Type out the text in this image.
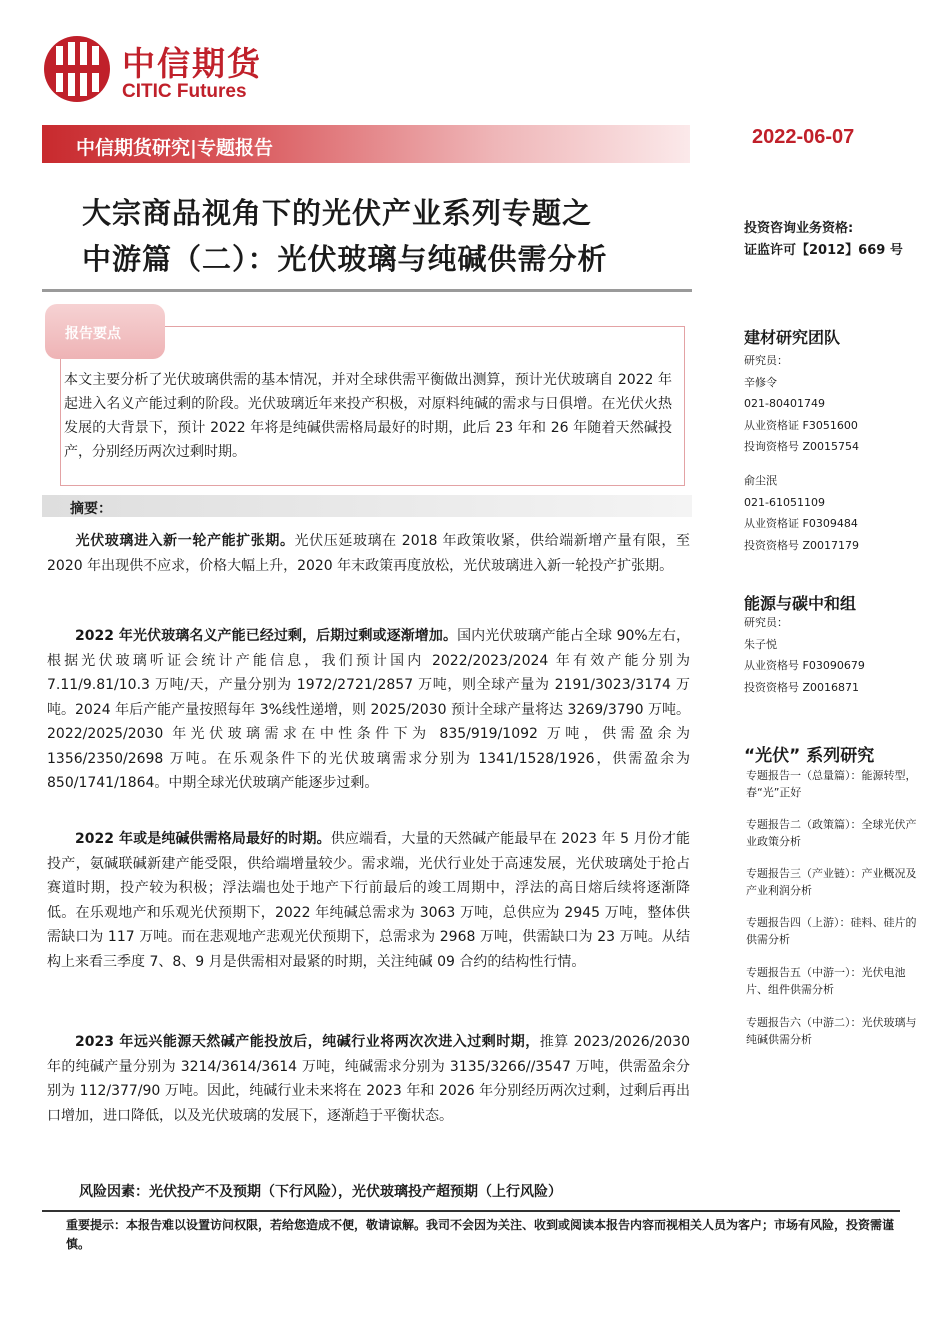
中信期货
CITIC Futures
中信期货研究|专题报告	2022-06-07
大宗商品视角下的光伏产业系列专题之
中游篇（二）：光伏玻璃与纯碱供需分析
投资咨询业务资格:
证监许可【2012】669 号
报告要点
本文主要分析了光伏玻璃供需的基本情况，并对全球供需平衡做出测算，预计光伏玻璃自 2022 年起进入名义产能过剩的阶段。光伏玻璃近年来投产积极，对原料纯碱的需求与日俱增。在光伏火热发展的大背景下，预计 2022 年将是纯碱供需格局最好的时期，此后 23 年和 26 年随着天然碱投产，分别经历两次过剩时期。
摘要：
光伏玻璃进入新一轮产能扩张期。光伏压延玻璃在 2018 年政策收紧，供给端新增产量有限，至 2020 年出现供不应求，价格大幅上升，2020 年末政策再度放松，光伏玻璃进入新一轮投产扩张期。
2022 年光伏玻璃名义产能已经过剩，后期过剩或逐渐增加。国内光伏玻璃产能占全球 90%左右，根据光伏玻璃听证会统计产能信息，我们预计国内 2022/2023/2024 年有效产能分别为 7.11/9.81/10.3 万吨/天，产量分别为 1972/2721/2857 万吨，则全球产量为 2191/3023/3174 万吨。2024 年后产能产量按照每年 3%线性递增，则 2025/2030 预计全球产量将达 3269/3790 万吨。2022/2025/2030 年光伏玻璃需求在中性条件下为 835/919/1092 万吨，供需盈余为 1356/2350/2698 万吨。在乐观条件下的光伏玻璃需求分别为 1341/1528/1926，供需盈余为 850/1741/1864。中期全球光伏玻璃产能逐步过剩。
2022 年或是纯碱供需格局最好的时期。供应端看，大量的天然碱产能最早在 2023 年 5 月份才能投产，氨碱联碱新建产能受限，供给端增量较少。需求端，光伏行业处于高速发展，光伏玻璃处于抢占赛道时期，投产较为积极；浮法端也处于地产下行前最后的竣工周期中，浮法的高日熔后续将逐渐降低。在乐观地产和乐观光伏预期下，2022 年纯碱总需求为 3063 万吨，总供应为 2945 万吨，整体供需缺口为 117 万吨。而在悲观地产悲观光伏预期下，总需求为 2968 万吨，供需缺口为 23 万吨。从结构上来看三季度 7、8、9 月是供需相对最紧的时期，关注纯碱 09 合约的结构性行情。
2023 年远兴能源天然碱产能投放后，纯碱行业将两次次进入过剩时期，推算 2023/2026/2030 年的纯碱产量分别为 3214/3614/3614 万吨，纯碱需求分别为 3135/3266//3547 万吨，供需盈余分别为 112/377/90 万吨。因此，纯碱行业未来将在 2023 年和 2026 年分别经历两次过剩，过剩后再出口增加，进口降低，以及光伏玻璃的发展下，逐渐趋于平衡状态。
风险因素：光伏投产不及预期（下行风险），光伏玻璃投产超预期（上行风险）
重要提示：本报告难以设置访问权限，若给您造成不便，敬请谅解。我司不会因为关注、收到或阅读本报告内容而视相关人员为客户；市场有风险，投资需谨慎。
建材研究团队
研究员：
辛修令
021-80401749
从业资格证 F3051600
投询资格号 Z0015754
俞尘泯
021-61051109
从业资格证 F0309484
投资资格号 Z0017179
能源与碳中和组
研究员：
朱子悦
从业资格号 F03090679
投资资格号 Z0016871
“光伏” 系列研究
专题报告一（总量篇）：能源转型，春“光”正好
专题报告二（政策篇）：全球光伏产业政策分析
专题报告三（产业链）：产业概况及产业利润分析
专题报告四（上游）：硅料、硅片的供需分析
专题报告五（中游一）：光伏电池片、组件供需分析
专题报告六（中游二）：光伏玻璃与纯碱供需分析
